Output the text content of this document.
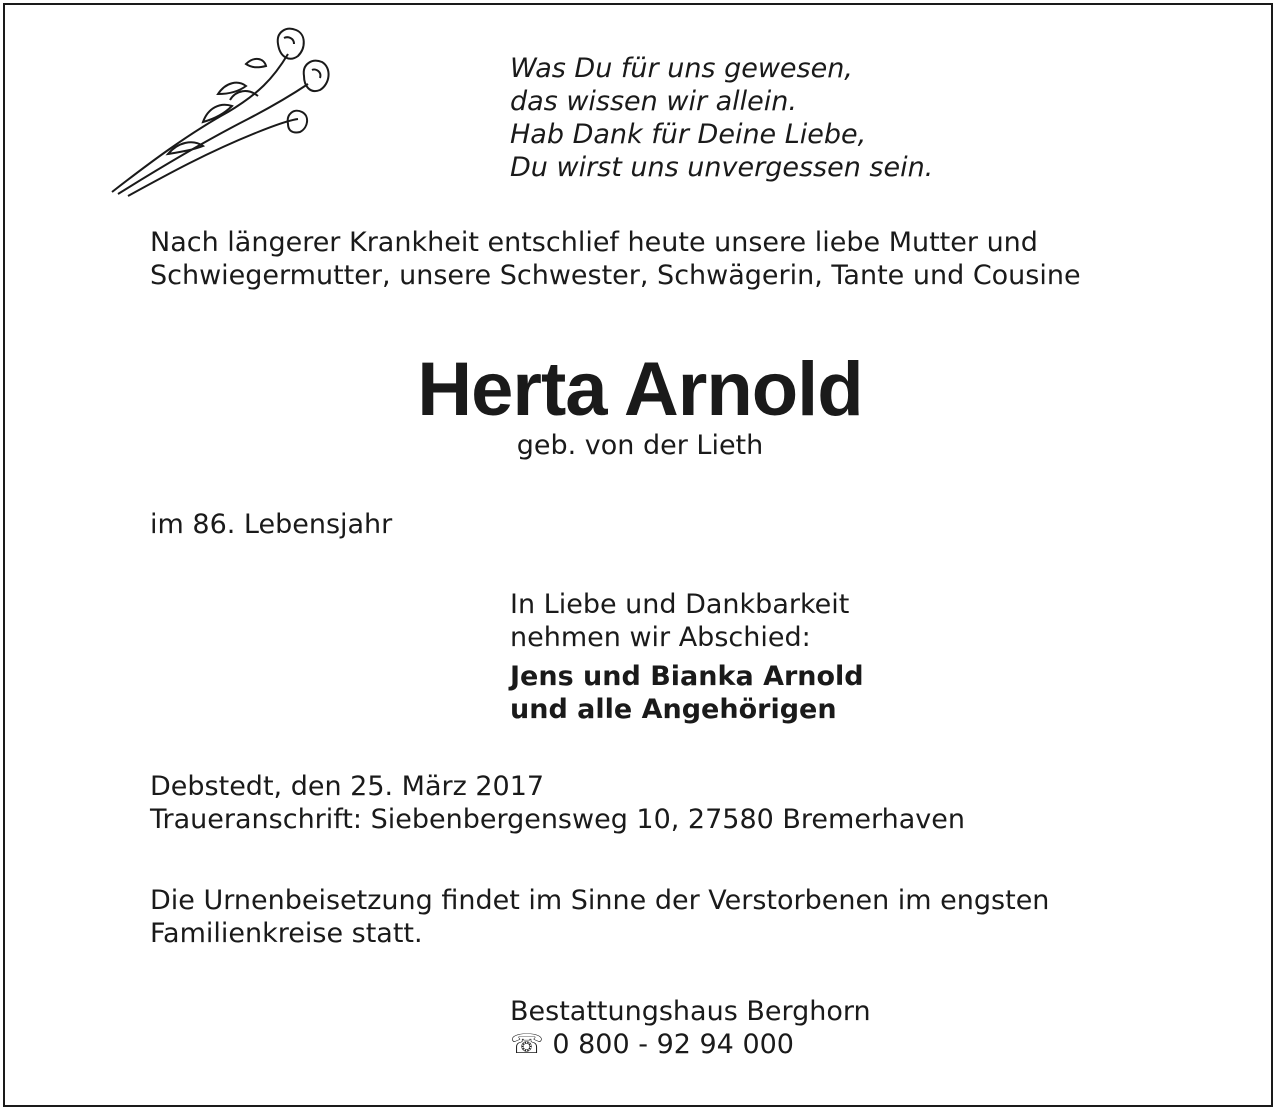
Was Du für uns gewesen,
das wissen wir allein.
Hab Dank für Deine Liebe,
Du wirst uns unvergessen sein.
Nach längerer Krankheit entschlief heute unsere liebe Mutter und
Schwiegermutter, unsere Schwester, Schwägerin, Tante und Cousine
Herta Arnold
geb. von der Lieth
im 86. Lebensjahr
In Liebe und Dankbarkeit
nehmen wir Abschied:
Jens und Bianka Arnold
und alle Angehörigen
Debstedt, den 25. März 2017
Traueranschrift: Siebenbergensweg 10, 27580 Bremerhaven
Die Urnenbeisetzung findet im Sinne der Verstorbenen im engsten
Familienkreise statt.
Bestattungshaus Berghorn
☏ 0 800 - 92 94 000
